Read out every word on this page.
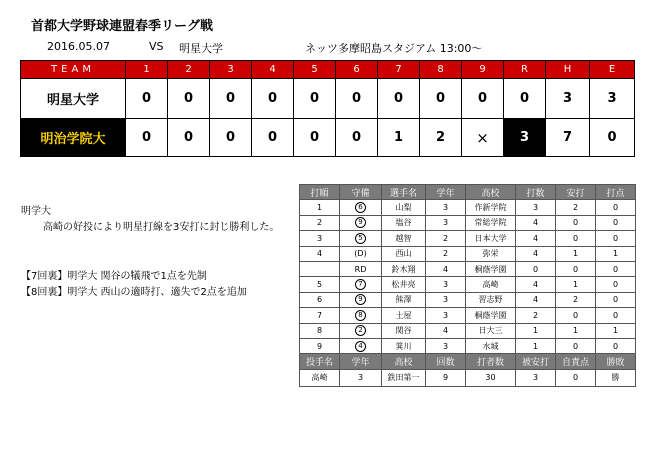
首都大学野球連盟春季リーグ戦
2016.05.07	VS 明星大学	ネッツ多摩昭島スタジアム 13:00～
TEAM	1	2	3	4	5	6	7	8	9	R	H	E
明星大学	0	0	0	0	0	0	0	0	0	0	3	3
明治学院大	0	0	0	0	0	0	1	2	×	3	7	0
明学大
高崎の好投により明星打線を3安打に封じ勝利した。
【7回裏】明学大 関谷の犠飛で1点を先制
【8回裏】明学大 西山の適時打、適失で2点を追加
打順	守備	選手名	学年	高校	打数	安打	打点
1	6	山梨	3	作新学院	3	2	0
2	9	塩谷	3	常総学院	4	0	0
3	5	越智	2	日本大学	4	0	0
4	(D)	西山	2	弥栄	4	1	1
	RD	鈴木翔	4	桐蔭学園	0	0	0
5	7	松井亮	3	高崎	4	1	0
6	9	熊澤	3	習志野	4	2	0
7	8	土屋	3	桐蔭学園	2	0	0
8	2	関谷	4	日大三	1	1	1
9	4	箕川	3	水城	1	0	0
投手名	学年	高校	回数	打者数	被安打	自責点	勝敗
高崎	3	鉄田第一	9	30	3	0	勝
